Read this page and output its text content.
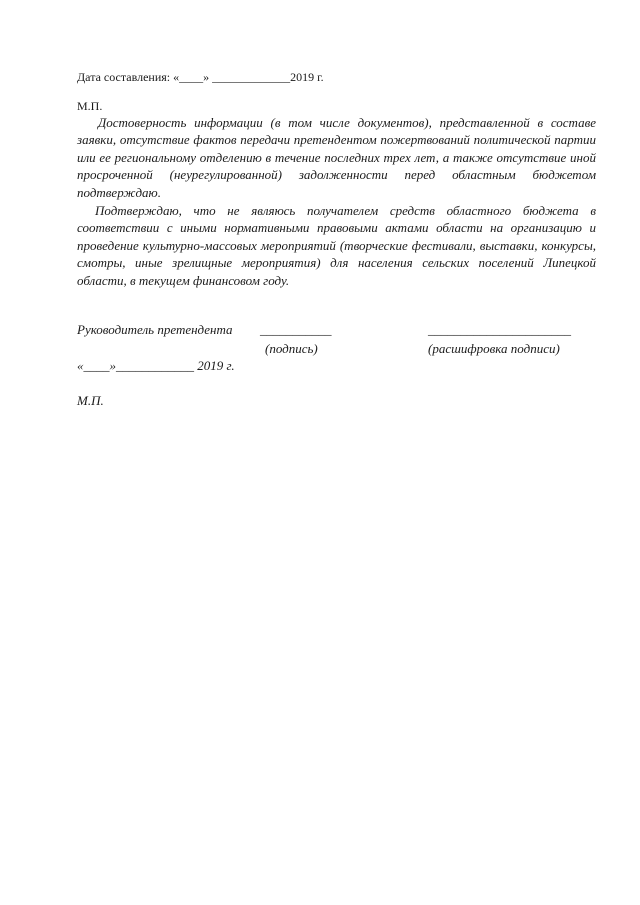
Дата составления: «____» _____________2019 г.
М.П.

Достоверность информации (в том числе документов), представленной в составе заявки, отсутствие фактов передачи претендентом пожертвований политической партии или ее региональному отделению в течение последних трех лет, а также отсутствие иной просроченной (неурегулированной) задолженности перед областным бюджетом подтверждаю.

Подтверждаю, что не являюсь получателем средств областного бюджета в соответствии с иными нормативными правовыми актами области на организацию и проведение культурно-массовых мероприятий (творческие фестивали, выставки, конкурсы, смотры, иные зрелищные мероприятия) для населения сельских поселений Липецкой области, в текущем финансовом году.

Руководитель претендента ___________	______________________
(подпись)	(расшифровка подписи)
«____»____________ 2019 г.
М.П.
